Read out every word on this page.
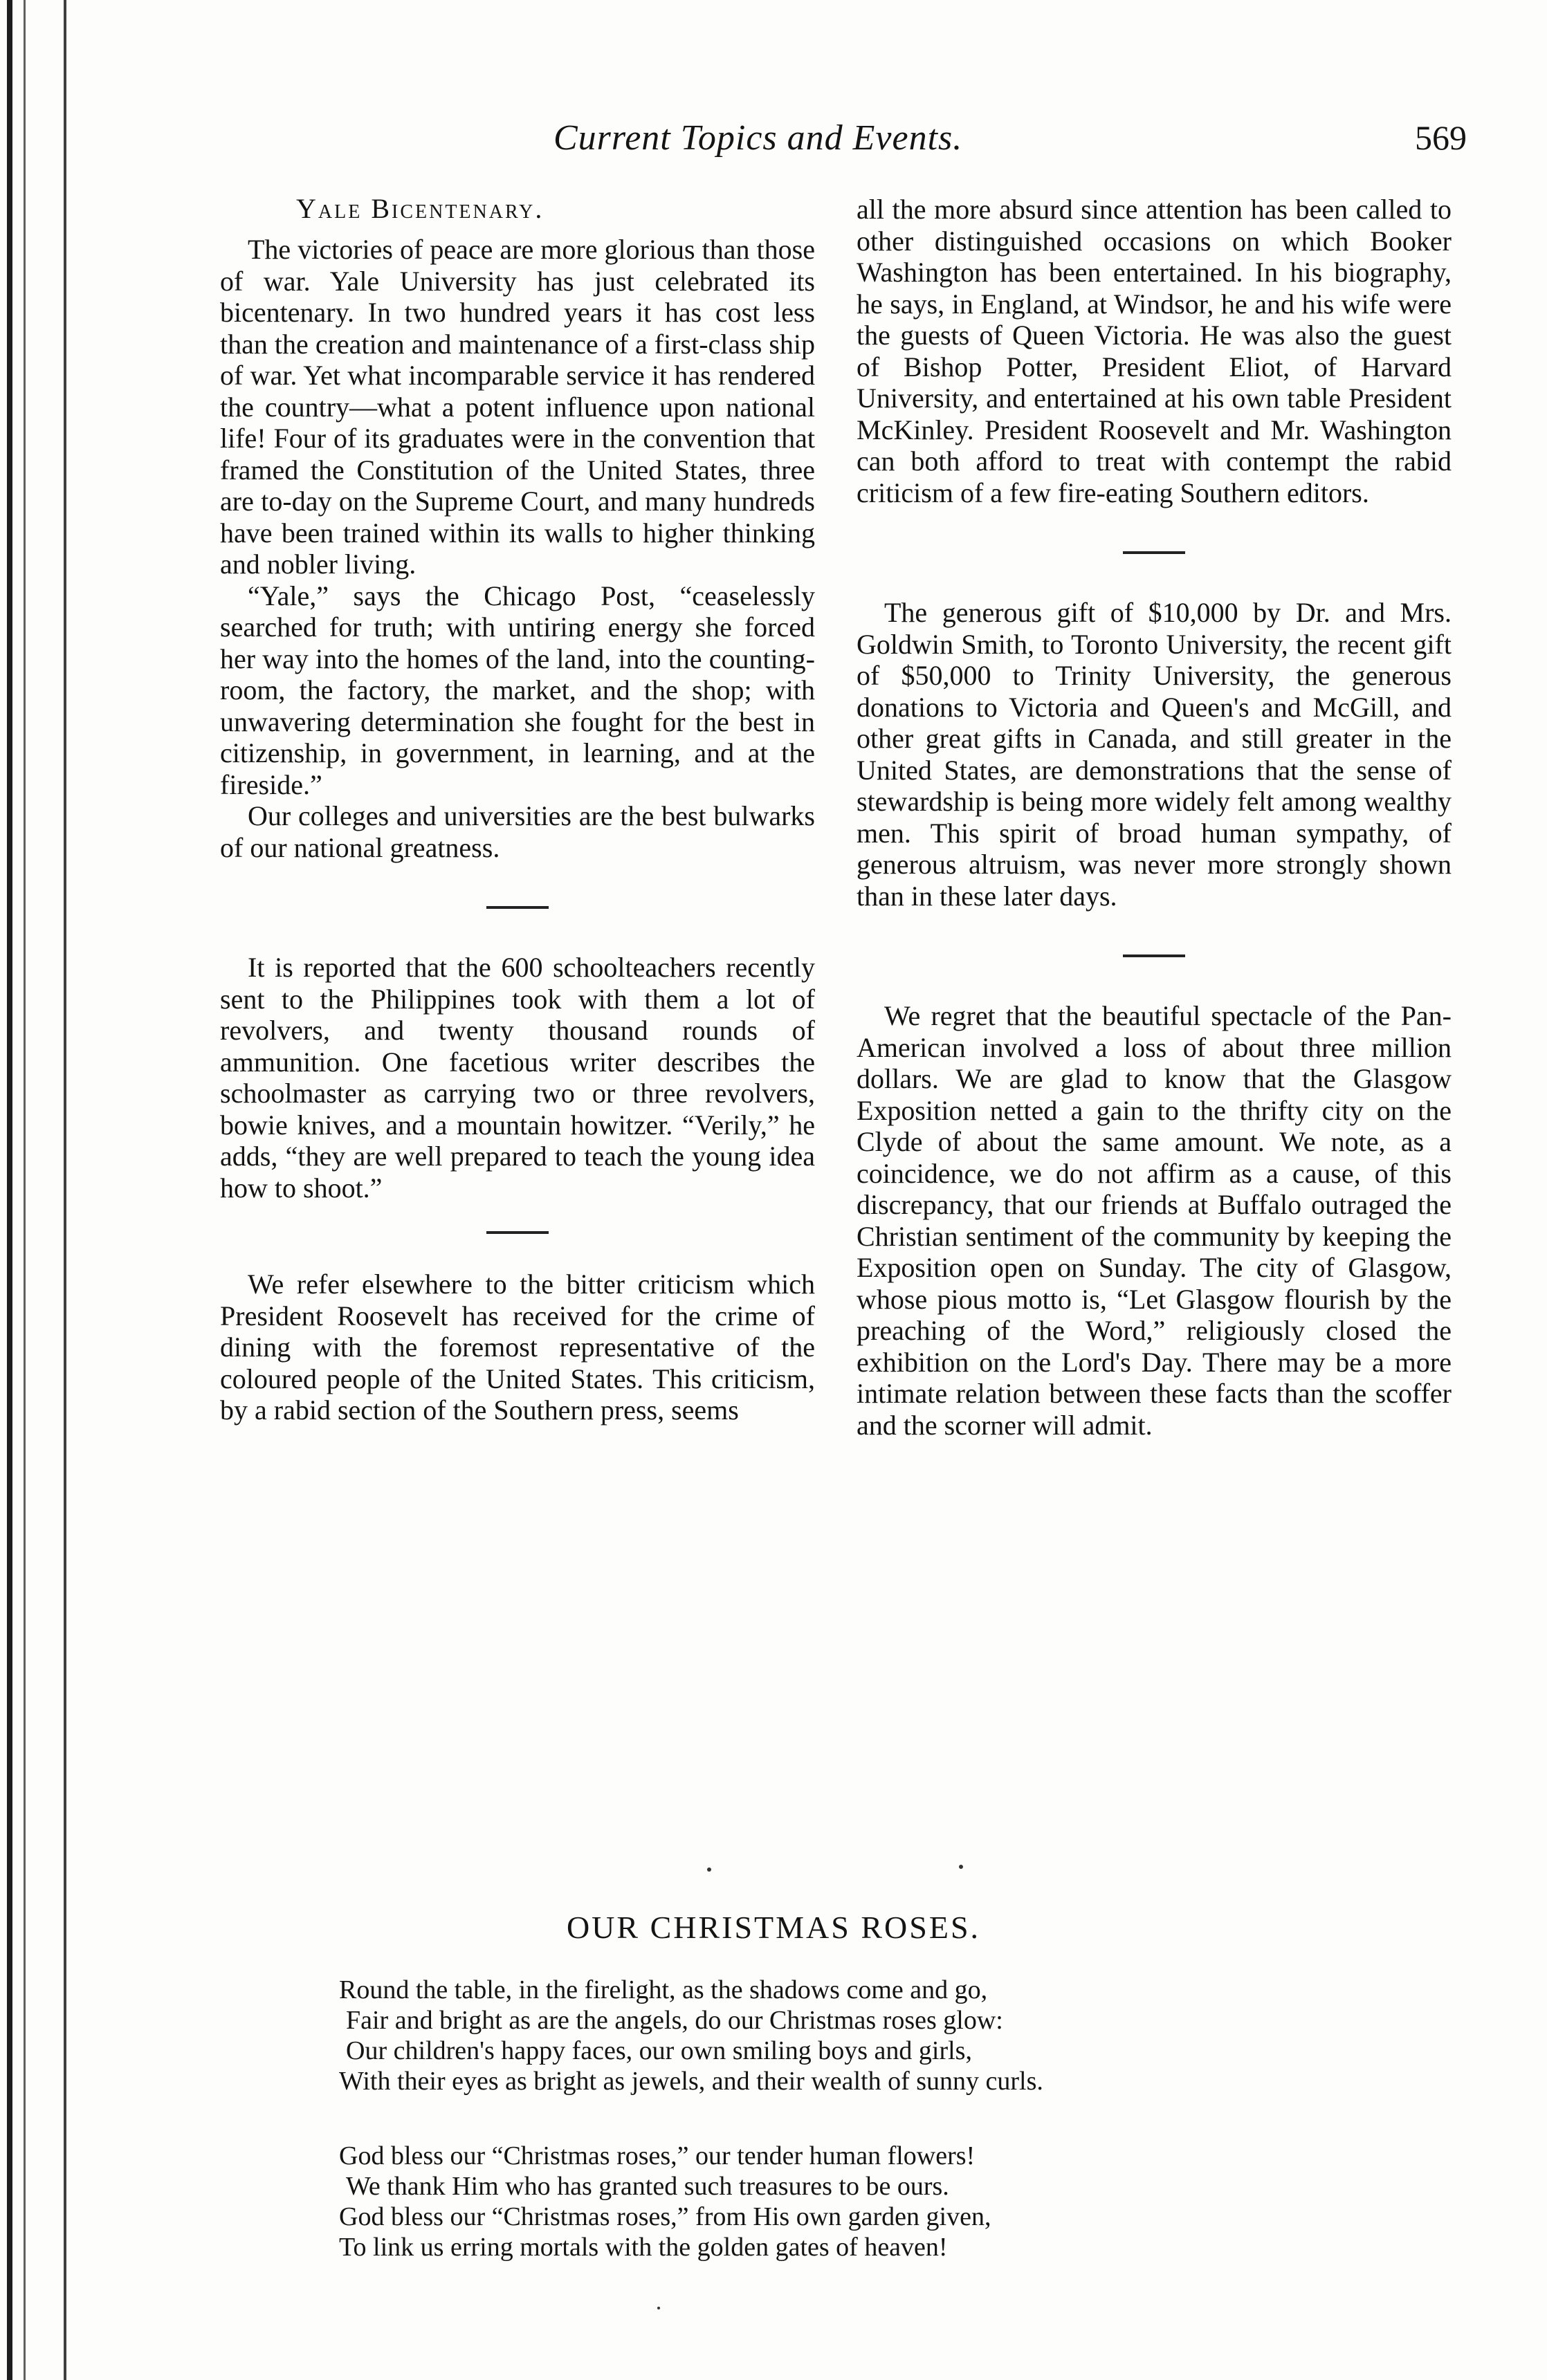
Current Topics and Events.	569
Yale Bicentenary.

The victories of peace are more glorious than those of war. Yale University has just celebrated its bicentenary. In two hundred years it has cost less than the creation and maintenance of a first-class ship of war. Yet what incomparable service it has rendered the country—what a potent influence upon national life! Four of its graduates were in the convention that framed the Constitution of the United States, three are to-day on the Supreme Court, and many hundreds have been trained within its walls to higher thinking and nobler living.

“Yale,” says the Chicago Post, “ceaselessly searched for truth; with untiring energy she forced her way into the homes of the land, into the counting-room, the factory, the market, and the shop; with unwavering determination she fought for the best in citizenship, in government, in learning, and at the fireside.”

Our colleges and universities are the best bulwarks of our national greatness.

It is reported that the 600 schoolteachers recently sent to the Philippines took with them a lot of revolvers, and twenty thousand rounds of ammunition. One facetious writer describes the schoolmaster as carrying two or three revolvers, bowie knives, and a mountain howitzer. “Verily,” he adds, “they are well prepared to teach the young idea how to shoot.”

We refer elsewhere to the bitter criticism which President Roosevelt has received for the crime of dining with the foremost representative of the coloured people of the United States. This criticism, by a rabid section of the Southern press, seems

all the more absurd since attention has been called to other distinguished occasions on which Booker Washington has been entertained. In his biography, he says, in England, at Windsor, he and his wife were the guests of Queen Victoria. He was also the guest of Bishop Potter, President Eliot, of Harvard University, and entertained at his own table President McKinley. President Roosevelt and Mr. Washington can both afford to treat with contempt the rabid criticism of a few fire-eating Southern editors.

The generous gift of $10,000 by Dr. and Mrs. Goldwin Smith, to Toronto University, the recent gift of $50,000 to Trinity University, the generous donations to Victoria and Queen's and McGill, and other great gifts in Canada, and still greater in the United States, are demonstrations that the sense of stewardship is being more widely felt among wealthy men. This spirit of broad human sympathy, of generous altruism, was never more strongly shown than in these later days.

We regret that the beautiful spectacle of the Pan-American involved a loss of about three million dollars. We are glad to know that the Glasgow Exposition netted a gain to the thrifty city on the Clyde of about the same amount. We note, as a coincidence, we do not affirm as a cause, of this discrepancy, that our friends at Buffalo outraged the Christian sentiment of the community by keeping the Exposition open on Sunday. The city of Glasgow, whose pious motto is, “Let Glasgow flourish by the preaching of the Word,” religiously closed the exhibition on the Lord's Day. There may be a more intimate relation between these facts than the scoffer and the scorner will admit.

OUR CHRISTMAS ROSES.
Round the table, in the firelight, as the shadows come and go,
Fair and bright as are the angels, do our Christmas roses glow:
Our children's happy faces, our own smiling boys and girls,
With their eyes as bright as jewels, and their wealth of sunny curls.
God bless our “Christmas roses,” our tender human flowers!
We thank Him who has granted such treasures to be ours.
God bless our “Christmas roses,” from His own garden given,
To link us erring mortals with the golden gates of heaven!
